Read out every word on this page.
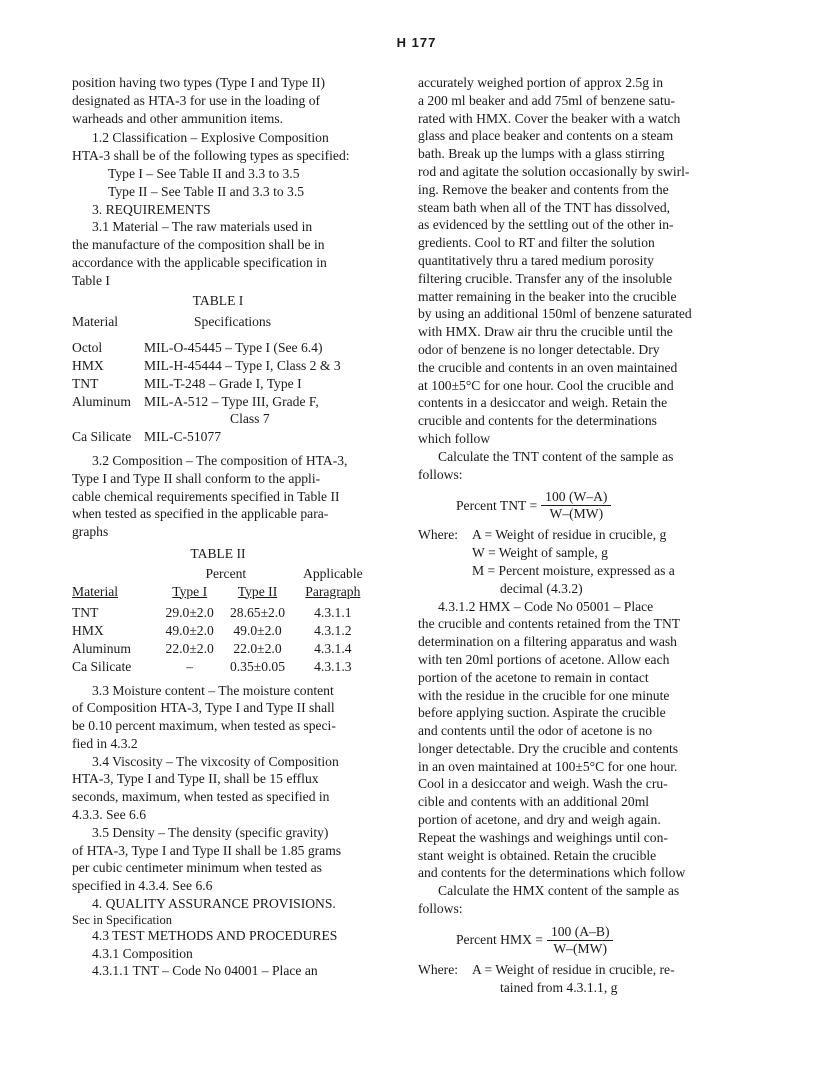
H 177
position having two types (Type I and Type II)
designated as HTA-3 for use in the loading of
warheads and other ammunition items.
1.2 Classification – Explosive Composition
HTA-3 shall be of the following types as specified:
Type I – See Table II and 3.3 to 3.5
Type II – See Table II and 3.3 to 3.5
3. REQUIREMENTS
3.1 Material – The raw materials used in
the manufacture of the composition shall be in
accordance with the applicable specification in
Table I
TABLE I
Material	Specifications

Octol	MIL-O-45445 – Type I (See 6.4)
HMX	MIL-H-45444 – Type I, Class 2 & 3
TNT	MIL-T-248 – Grade I, Type I
Aluminum	MIL-A-512 – Type III, Grade F,
	Class 7
Ca Silicate	MIL-C-51077
3.2 Composition – The composition of HTA-3,
Type I and Type II shall conform to the appli-
cable chemical requirements specified in Table II
when tested as specified in the applicable para-
graphs
TABLE II
	Percent		Applicable
Material	Type I	Type II	Paragraph

TNT	29.0±2.0	28.65±2.0	4.3.1.1
HMX	49.0±2.0	49.0±2.0	4.3.1.2
Aluminum	22.0±2.0	22.0±2.0	4.3.1.4
Ca Silicate	–	0.35±0.05	4.3.1.3
3.3 Moisture content – The moisture content
of Composition HTA-3, Type I and Type II shall
be 0.10 percent maximum, when tested as speci-
fied in 4.3.2
3.4 Viscosity – The vixcosity of Composition
HTA-3, Type I and Type II, shall be 15 efflux
seconds, maximum, when tested as specified in
4.3.3. See 6.6
3.5 Density – The density (specific gravity)
of HTA-3, Type I and Type II shall be 1.85 grams
per cubic centimeter minimum when tested as
specified in 4.3.4. See 6.6
4. QUALITY ASSURANCE PROVISIONS.
Sec in Specification
4.3 TEST METHODS AND PROCEDURES
4.3.1 Composition
4.3.1.1 TNT – Code No 04001 – Place an
accurately weighed portion of approx 2.5g in
a 200 ml beaker and add 75ml of benzene satu-
rated with HMX. Cover the beaker with a watch
glass and place beaker and contents on a steam
bath. Break up the lumps with a glass stirring
rod and agitate the solution occasionally by swirl-
ing. Remove the beaker and contents from the
steam bath when all of the TNT has dissolved,
as evidenced by the settling out of the other in-
gredients. Cool to RT and filter the solution
quantitatively thru a tared medium porosity
filtering crucible. Transfer any of the insoluble
matter remaining in the beaker into the crucible
by using an additional 150ml of benzene saturated
with HMX. Draw air thru the crucible until the
odor of benzene is no longer detectable. Dry
the crucible and contents in an oven maintained
at 100±5°C for one hour. Cool the crucible and
contents in a desiccator and weigh. Retain the
crucible and contents for the determinations
which follow
Calculate the TNT content of the sample as
follows:
Percent TNT = $\frac{100 (W-A)}{W-(MW)}$
Where:	A = Weight of residue in crucible, g
	W = Weight of sample, g
	M = Percent moisture, expressed as a
	decimal (4.3.2)
4.3.1.2 HMX – Code No 05001 – Place
the crucible and contents retained from the TNT
determination on a filtering apparatus and wash
with ten 20ml portions of acetone. Allow each
portion of the acetone to remain in contact
with the residue in the crucible for one minute
before applying suction. Aspirate the crucible
and contents until the odor of acetone is no
longer detectable. Dry the crucible and contents
in an oven maintained at 100±5°C for one hour.
Cool in a desiccator and weigh. Wash the cru-
cible and contents with an additional 20ml
portion of acetone, and dry and weigh again.
Repeat the washings and weighings until con-
stant weight is obtained. Retain the crucible
and contents for the determinations which follow
Calculate the HMX content of the sample as
follows:
Percent HMX = $\frac{100 (A-B)}{W-(MW)}$
Where:	A = Weight of residue in crucible, re-
	tained from 4.3.1.1, g
